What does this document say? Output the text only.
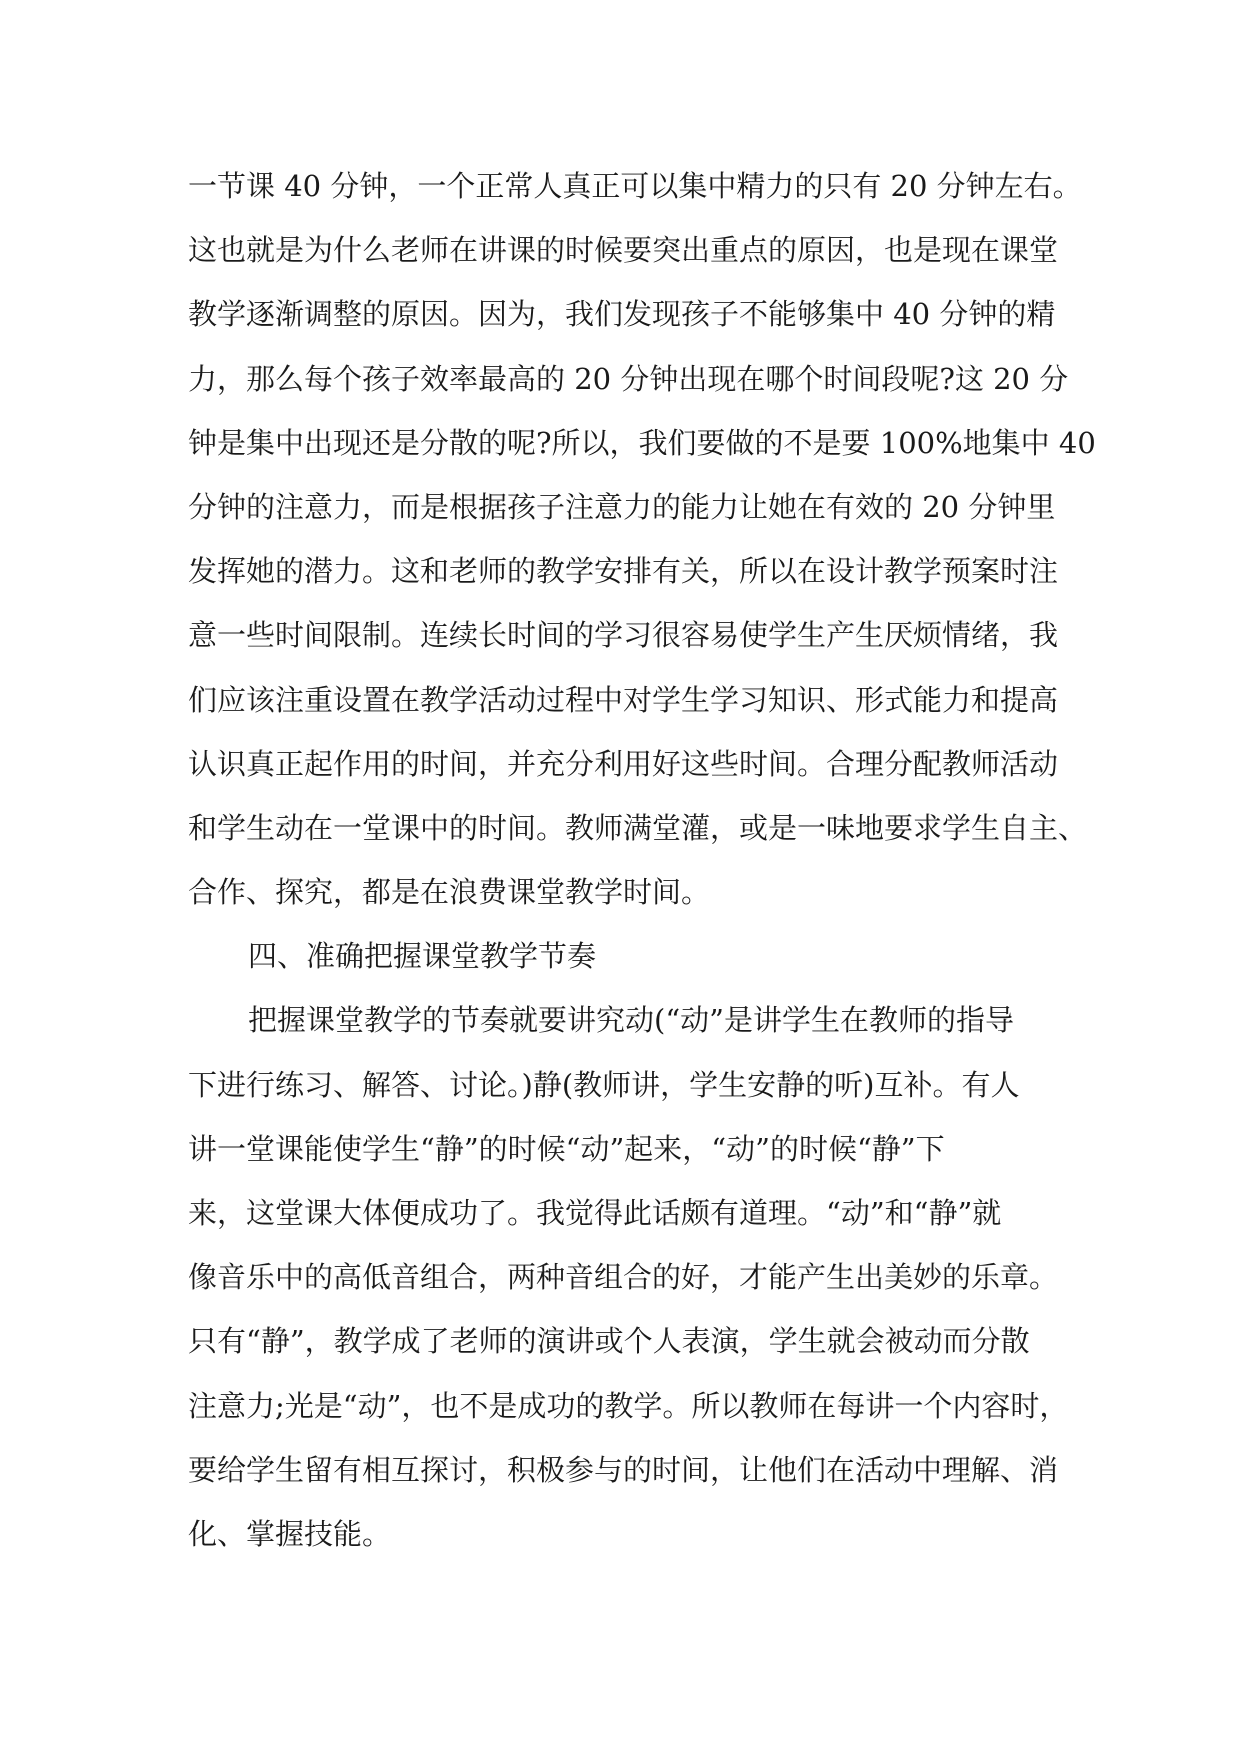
一节课 40 分钟，一个正常人真正可以集中精力的只有 20 分钟左右。
这也就是为什么老师在讲课的时候要突出重点的原因，也是现在课堂
教学逐渐调整的原因。因为，我们发现孩子不能够集中 40 分钟的精
力，那么每个孩子效率最高的 20 分钟出现在哪个时间段呢?这 20 分
钟是集中出现还是分散的呢?所以，我们要做的不是要 100%地集中 40
分钟的注意力，而是根据孩子注意力的能力让她在有效的 20 分钟里
发挥她的潜力。这和老师的教学安排有关，所以在设计教学预案时注
意一些时间限制。连续长时间的学习很容易使学生产生厌烦情绪，我
们应该注重设置在教学活动过程中对学生学习知识、形式能力和提高
认识真正起作用的时间，并充分利用好这些时间。合理分配教师活动
和学生动在一堂课中的时间。教师满堂灌，或是一味地要求学生自主、
合作、探究，都是在浪费课堂教学时间。
四、准确把握课堂教学节奏
把握课堂教学的节奏就要讲究动(“动”是讲学生在教师的指导
下进行练习、解答、讨论。)静(教师讲，学生安静的听)互补。有人
讲一堂课能使学生“静”的时候“动”起来，“动”的时候“静”下
来，这堂课大体便成功了。我觉得此话颇有道理。“动”和“静”就
像音乐中的高低音组合，两种音组合的好，才能产生出美妙的乐章。
只有“静”，教学成了老师的演讲或个人表演，学生就会被动而分散
注意力;光是“动”，也不是成功的教学。所以教师在每讲一个内容时，
要给学生留有相互探讨，积极参与的时间，让他们在活动中理解、消
化、掌握技能。
